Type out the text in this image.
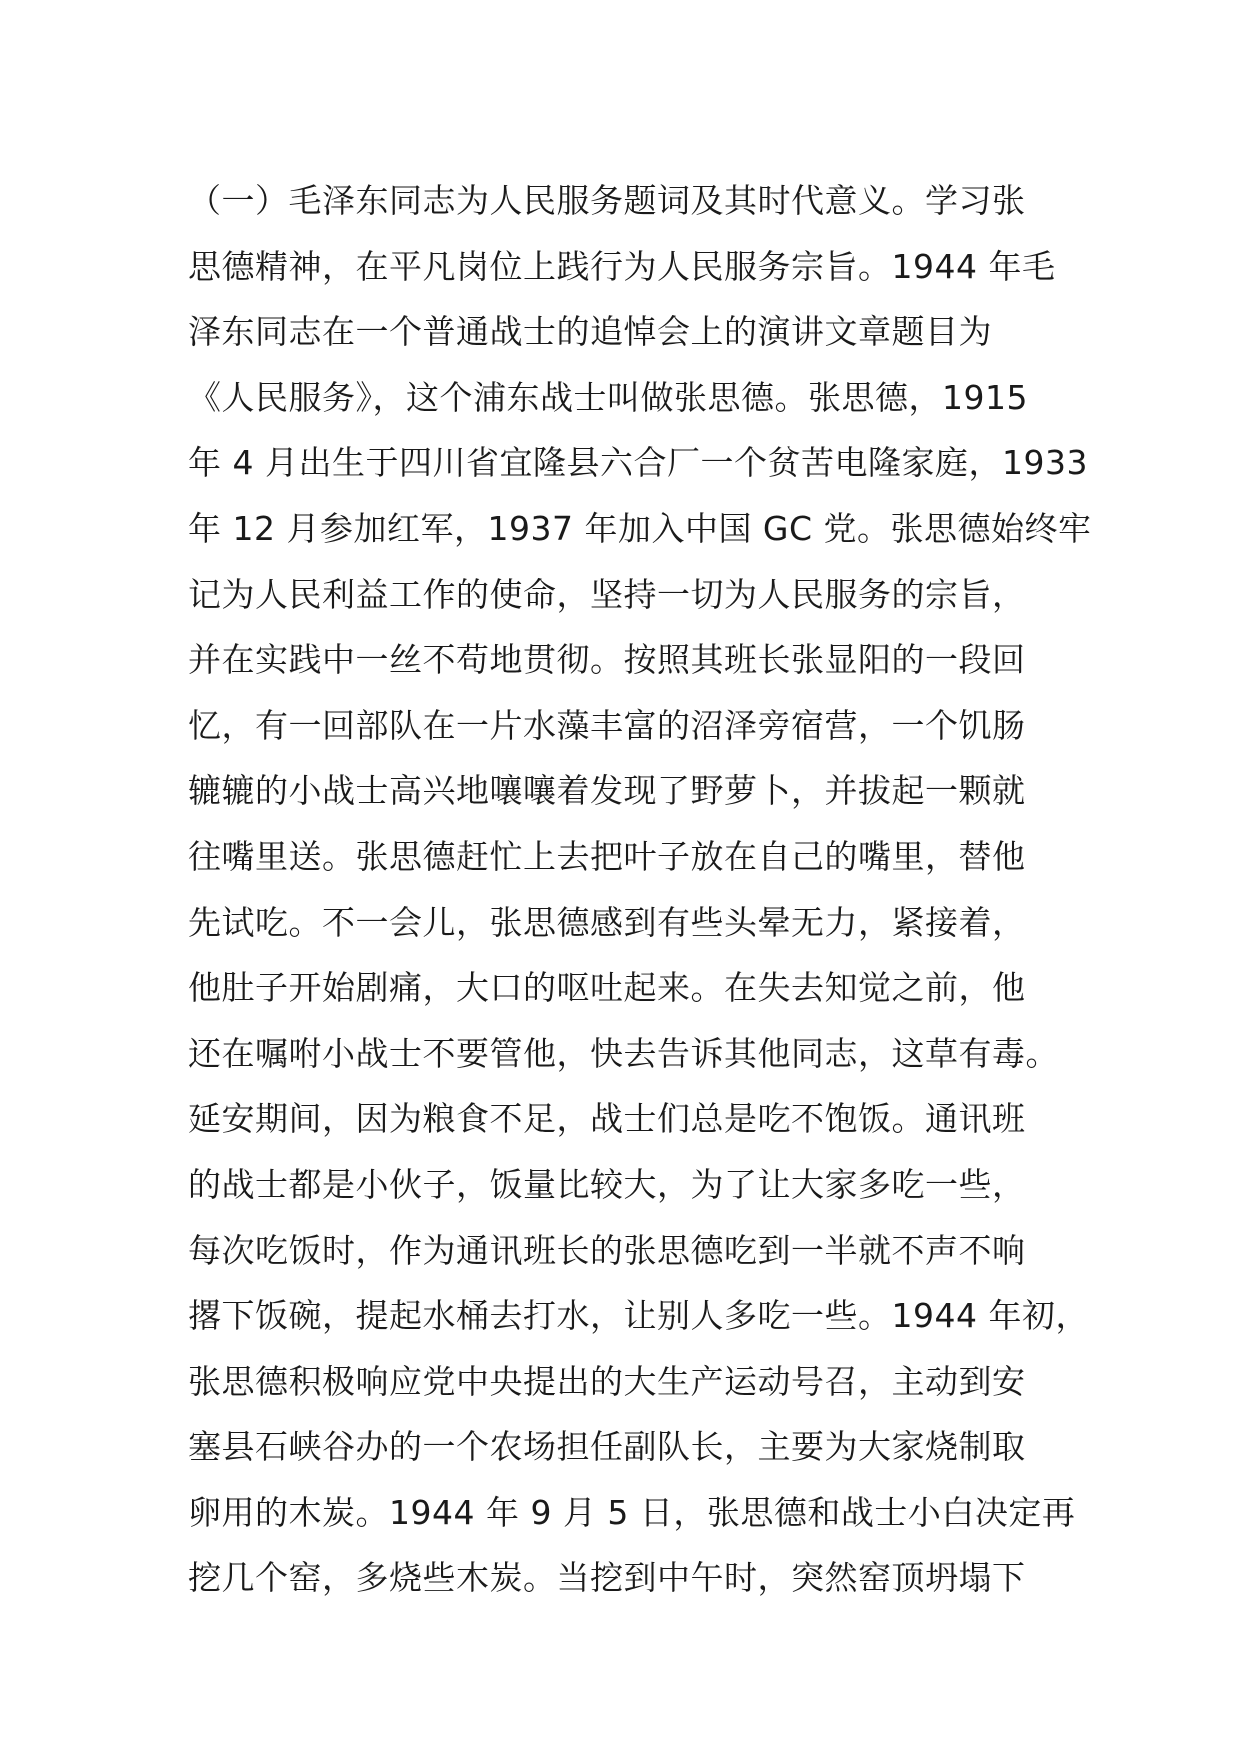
（一）毛泽东同志为人民服务题词及其时代意义。学习张
思德精神，在平凡岗位上践行为人民服务宗旨。1944 年毛
泽东同志在一个普通战士的追悼会上的演讲文章题目为
《人民服务》，这个浦东战士叫做张思德。张思德，1915
年 4 月出生于四川省宜隆县六合厂一个贫苦电隆家庭，1933
年 12 月参加红军，1937 年加入中国 GC 党。张思德始终牢
记为人民利益工作的使命，坚持一切为人民服务的宗旨，
并在实践中一丝不苟地贯彻。按照其班长张显阳的一段回
忆，有一回部队在一片水藻丰富的沼泽旁宿营，一个饥肠
辘辘的小战士高兴地嚷嚷着发现了野萝卜，并拔起一颗就
往嘴里送。张思德赶忙上去把叶子放在自己的嘴里，替他
先试吃。不一会儿，张思德感到有些头晕无力，紧接着，
他肚子开始剧痛，大口的呕吐起来。在失去知觉之前，他
还在嘱咐小战士不要管他，快去告诉其他同志，这草有毒。
延安期间，因为粮食不足，战士们总是吃不饱饭。通讯班
的战士都是小伙子，饭量比较大，为了让大家多吃一些，
每次吃饭时，作为通讯班长的张思德吃到一半就不声不响
撂下饭碗，提起水桶去打水，让别人多吃一些。1944 年初，
张思德积极响应党中央提出的大生产运动号召，主动到安
塞县石峡谷办的一个农场担任副队长，主要为大家烧制取
卵用的木炭。1944 年 9 月 5 日，张思德和战士小白决定再
挖几个窑，多烧些木炭。当挖到中午时，突然窑顶坍塌下
